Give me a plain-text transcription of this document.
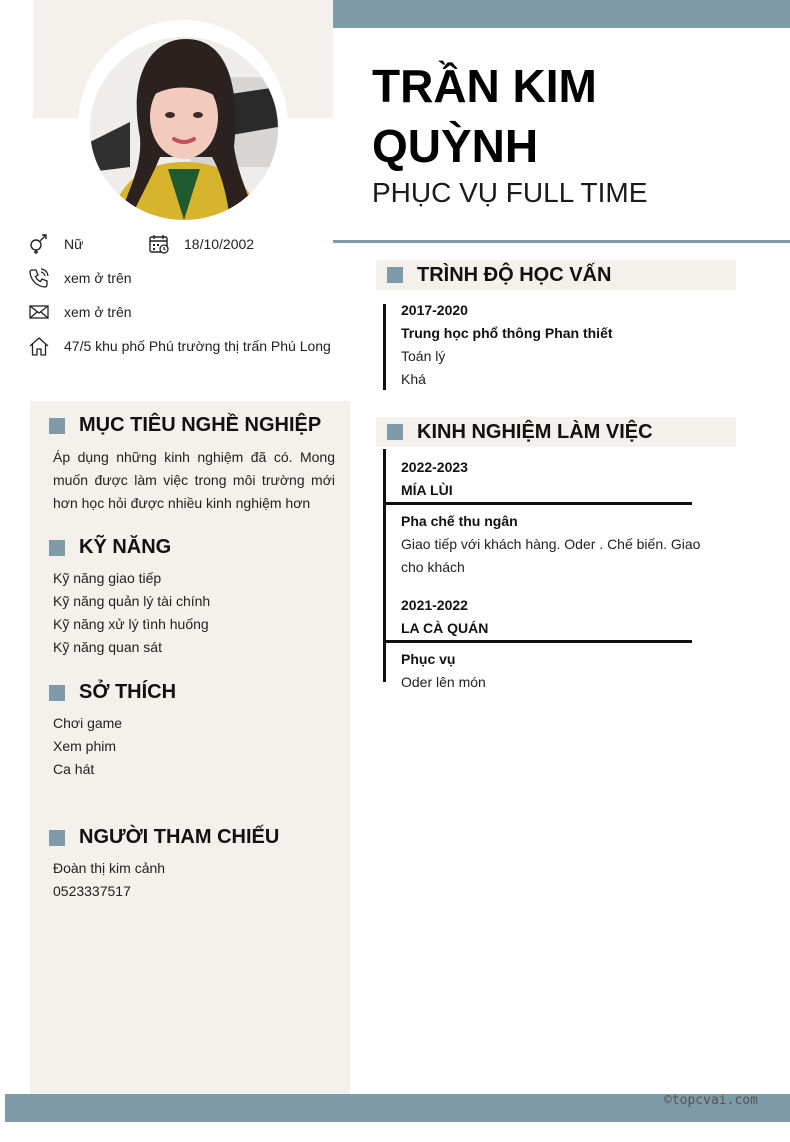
TRẦN KIM QUỲNH
PHỤC VỤ FULL TIME
Nữ	18/10/2002
xem ở trên
xem ở trên
47/5 khu phố Phú trường thị trấn Phú Long
MỤC TIÊU NGHỀ NGHIỆP
Áp dụng những kinh nghiệm đã có. Mong muốn được làm việc trong môi trường mới hơn học hỏi được nhiều kinh nghiệm hơn
KỸ NĂNG
Kỹ năng giao tiếp
Kỹ năng quản lý tài chính
Kỹ năng xử lý tình huống
Kỹ năng quan sát
SỞ THÍCH
Chơi game
Xem phim
Ca hát
NGƯỜI THAM CHIẾU
Đoàn thị kim cảnh
0523337517
TRÌNH ĐỘ HỌC VẤN
2017-2020
Trung học phổ thông Phan thiết
Toán lý
Khá
KINH NGHIỆM LÀM VIỆC
2022-2023
MÍA LÙI
Pha chế thu ngân
Giao tiếp với khách hàng. Oder . Chế biến. Giao cho khách
2021-2022
LA CÀ QUÁN
Phục vụ
Oder lên món
©topcvai.com
